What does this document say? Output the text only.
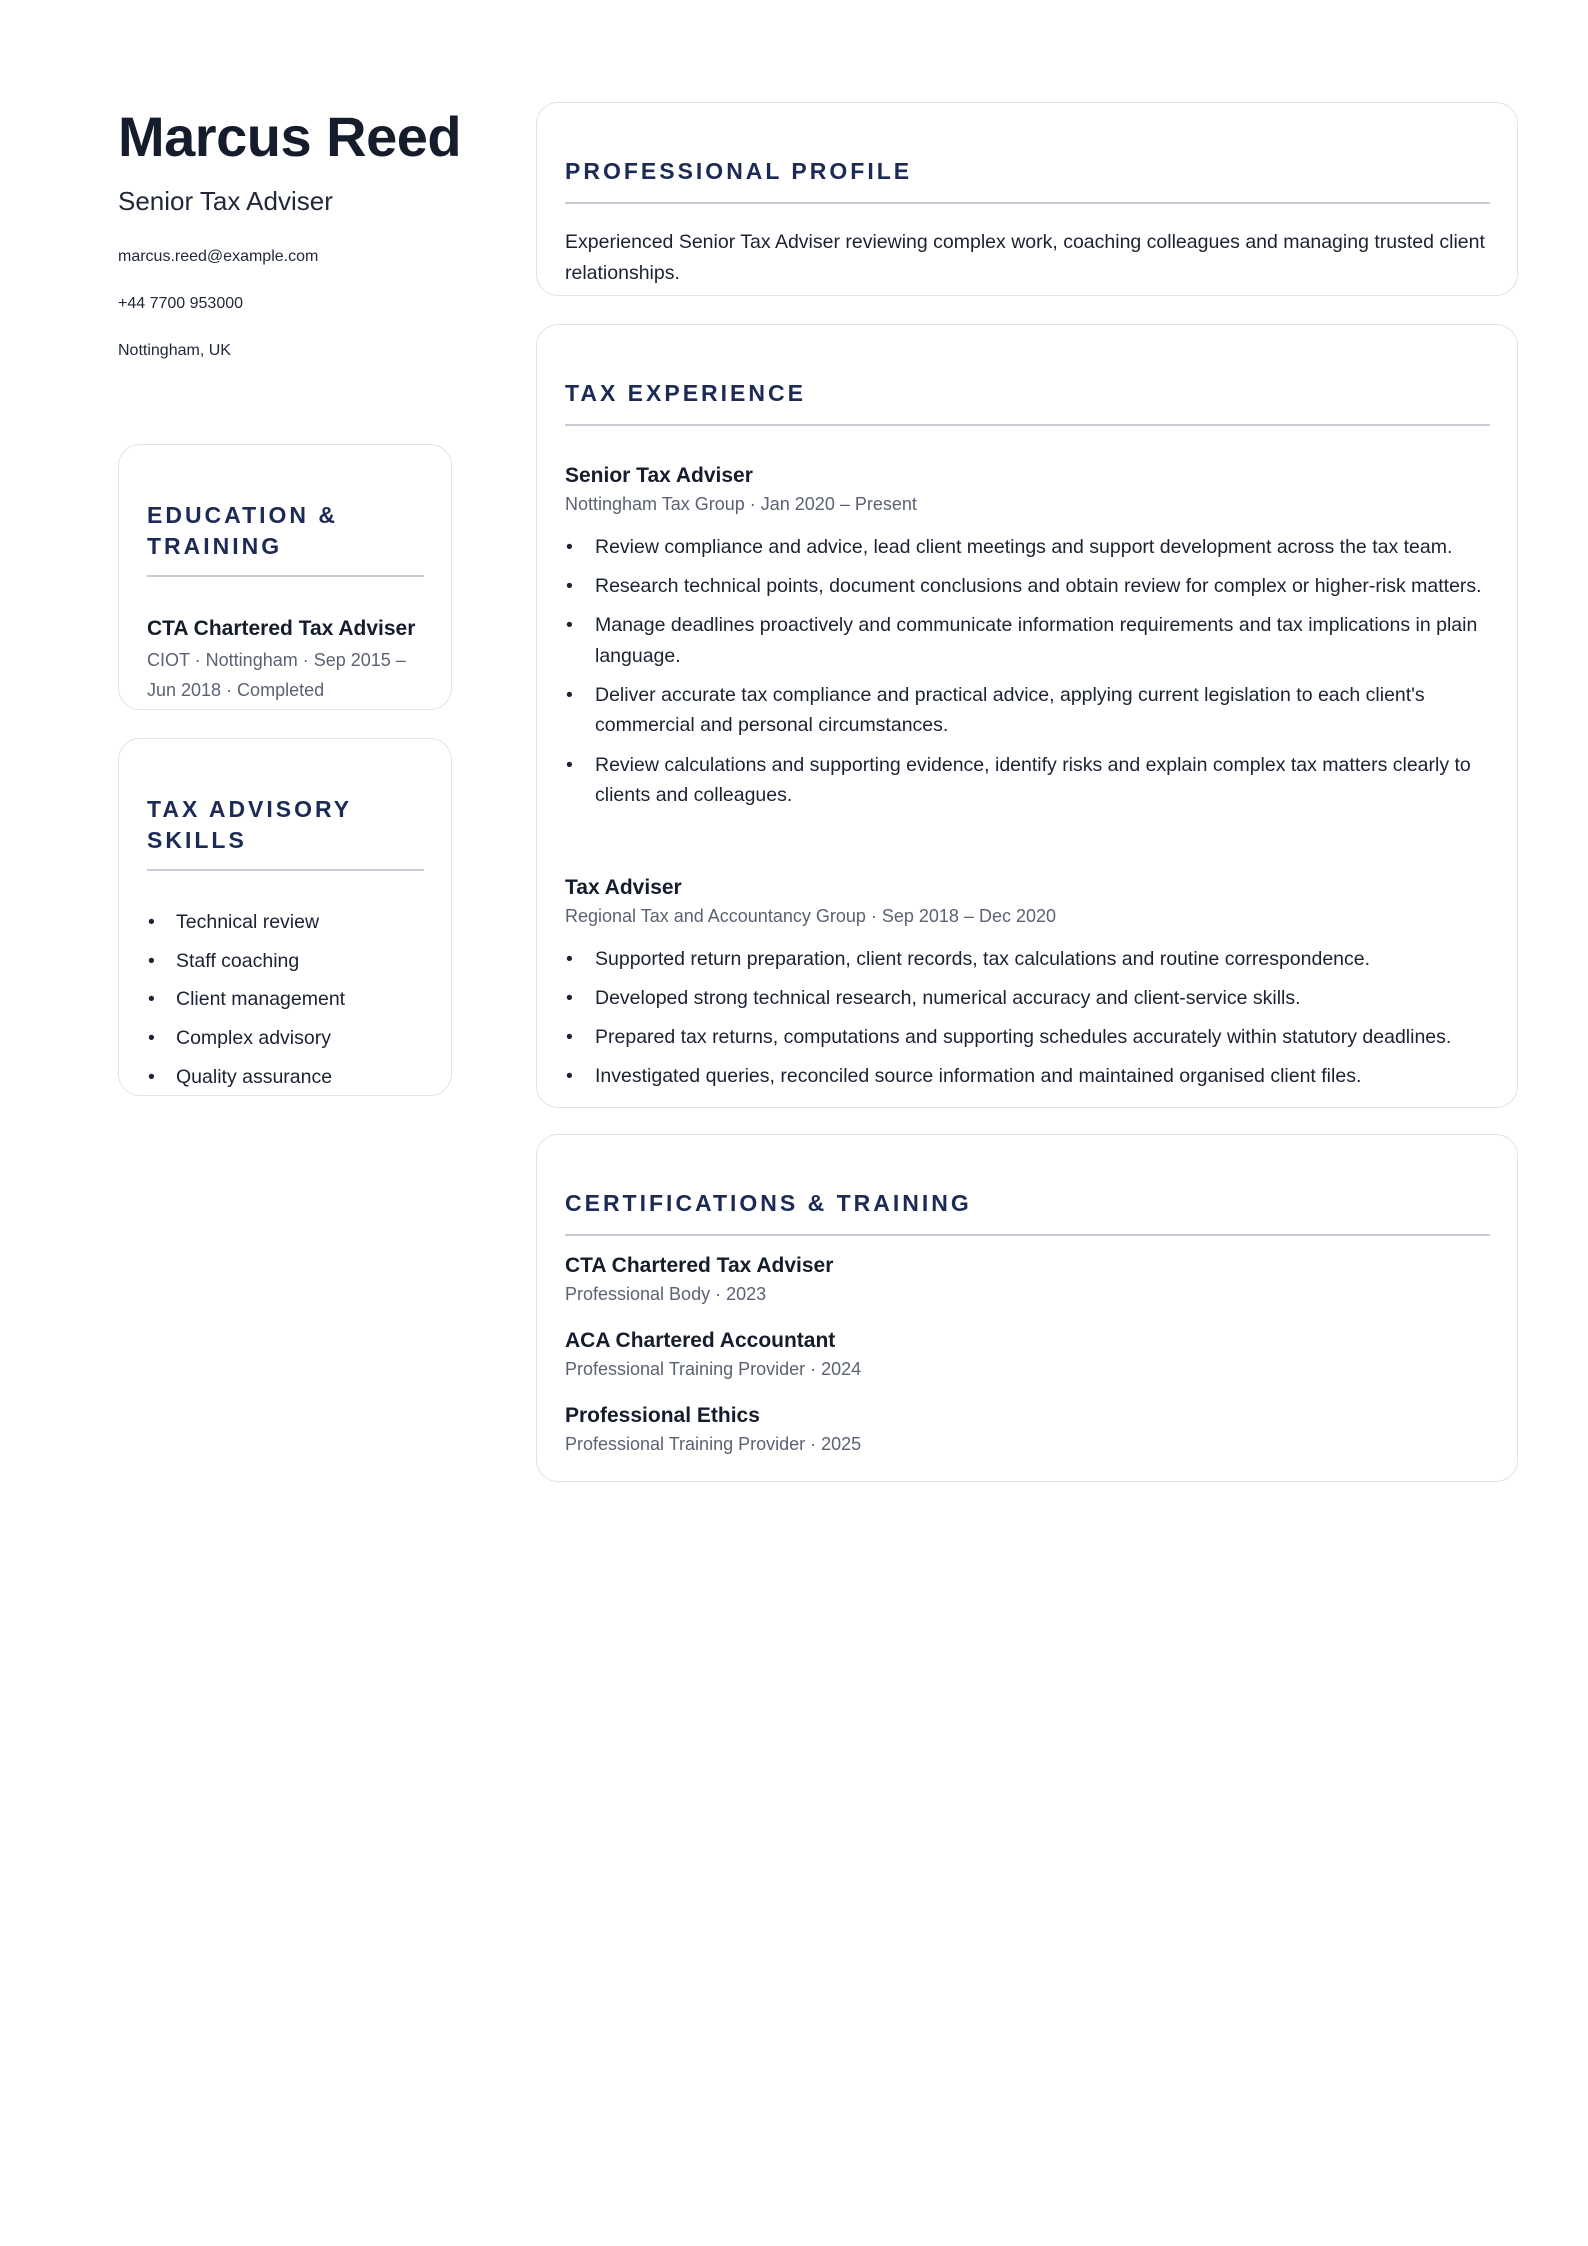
Marcus Reed
Senior Tax Adviser
marcus.reed@example.com
+44 7700 953000
Nottingham, UK
EDUCATION & TRAINING
CTA Chartered Tax Adviser
CIOT · Nottingham · Sep 2015 – Jun 2018 · Completed
TAX ADVISORY SKILLS
• Technical review
• Staff coaching
• Client management
• Complex advisory
• Quality assurance
PROFESSIONAL PROFILE

Experienced Senior Tax Adviser reviewing complex work, coaching colleagues and managing trusted client relationships.

TAX EXPERIENCE
Senior Tax Adviser
Nottingham Tax Group · Jan 2020 – Present
• Review compliance and advice, lead client meetings and support development across the tax team.
• Research technical points, document conclusions and obtain review for complex or higher-risk matters.
• Manage deadlines proactively and communicate information requirements and tax implications in plain language.
• Deliver accurate tax compliance and practical advice, applying current legislation to each client's commercial and personal circumstances.
• Review calculations and supporting evidence, identify risks and explain complex tax matters clearly to clients and colleagues.
Tax Adviser
Regional Tax and Accountancy Group · Sep 2018 – Dec 2020
• Supported return preparation, client records, tax calculations and routine correspondence.
• Developed strong technical research, numerical accuracy and client-service skills.
• Prepared tax returns, computations and supporting schedules accurately within statutory deadlines.
• Investigated queries, reconciled source information and maintained organised client files.
CERTIFICATIONS & TRAINING
CTA Chartered Tax Adviser
Professional Body · 2023
ACA Chartered Accountant
Professional Training Provider · 2024
Professional Ethics
Professional Training Provider · 2025
